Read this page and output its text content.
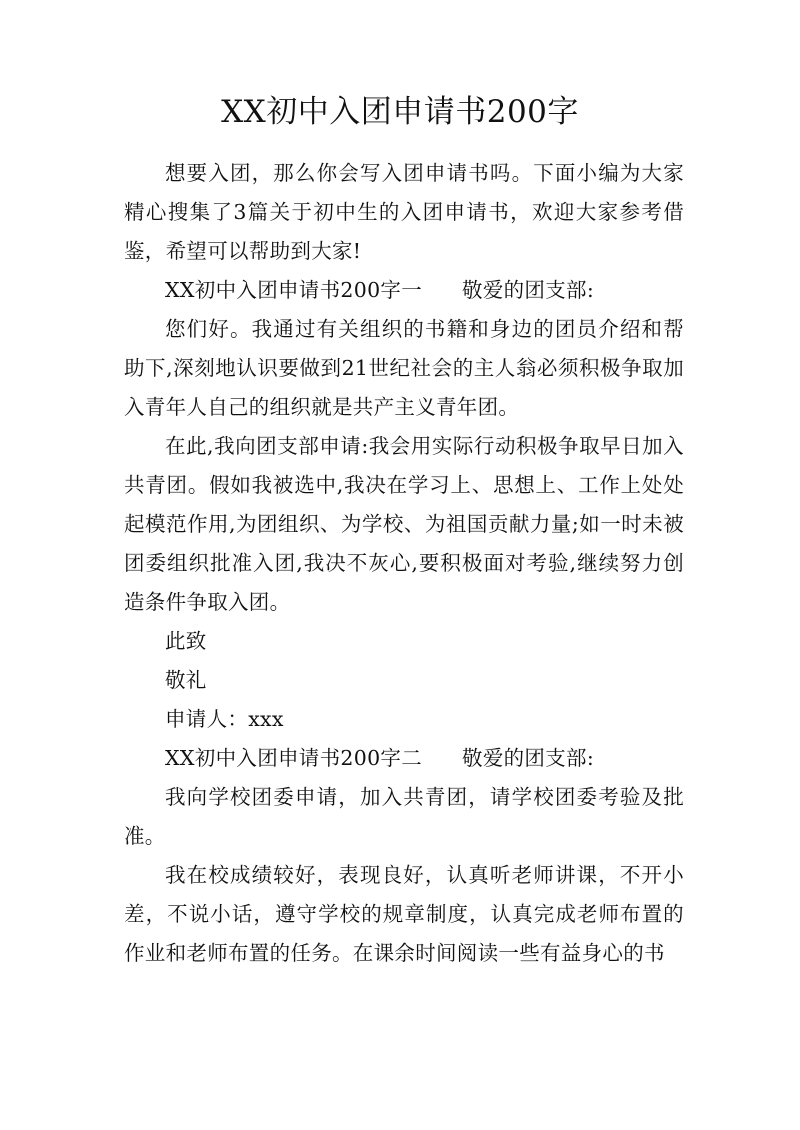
XX初中入团申请书200字

想要入团，那么你会写入团申请书吗。下面小编为大家精心搜集了3篇关于初中生的入团申请书，欢迎大家参考借鉴，希望可以帮助到大家!

XX初中入团申请书200字一 敬爱的团支部:

您们好。我通过有关组织的书籍和身边的团员介绍和帮助下,深刻地认识要做到21世纪社会的主人翁必须积极争取加入青年人自己的组织就是共产主义青年团。

在此,我向团支部申请:我会用实际行动积极争取早日加入共青团。假如我被选中,我决在学习上、思想上、工作上处处起模范作用,为团组织、为学校、为祖国贡献力量;如一时未被团委组织批准入团,我决不灰心,要积极面对考验,继续努力创造条件争取入团。

此致

敬礼

申请人：xxx

XX初中入团申请书200字二 敬爱的团支部:

我向学校团委申请，加入共青团，请学校团委考验及批准。

我在校成绩较好，表现良好，认真听老师讲课，不开小差，不说小话，遵守学校的规章制度，认真完成老师布置的作业和老师布置的任务。在课余时间阅读一些有益身心的书
